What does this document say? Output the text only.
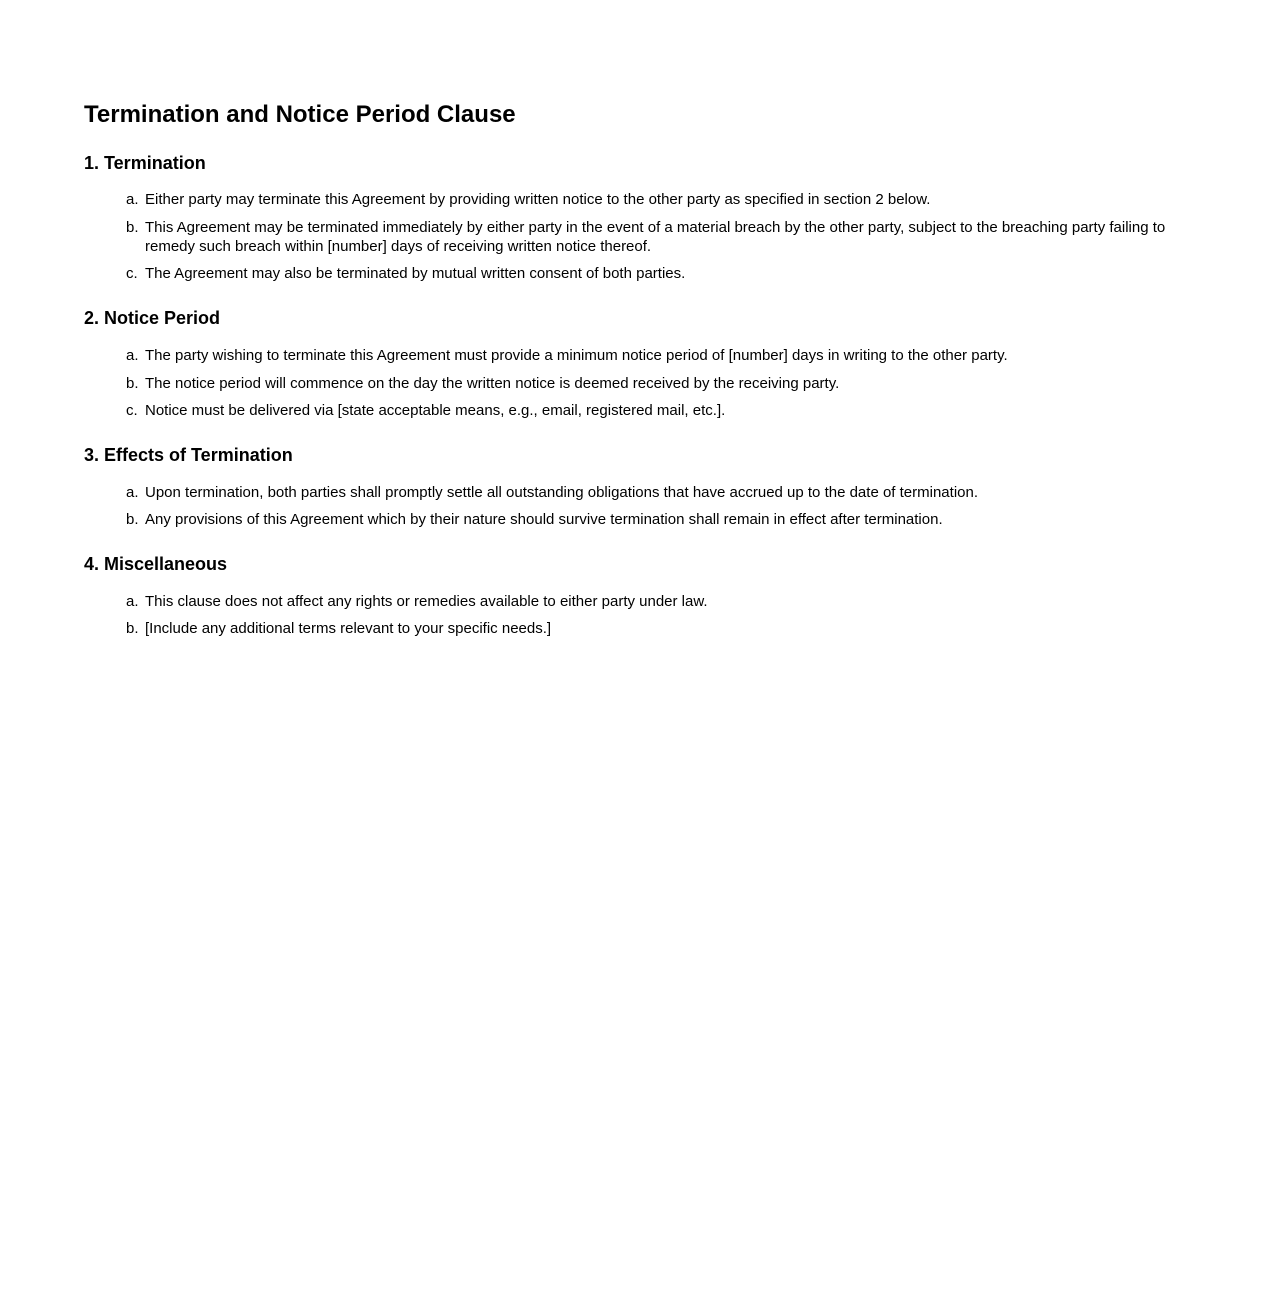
Termination and Notice Period Clause
1. Termination
a. Either party may terminate this Agreement by providing written notice to the other party as specified in section 2 below.
b. This Agreement may be terminated immediately by either party in the event of a material breach by the other party, subject to the breaching party failing to remedy such breach within [number] days of receiving written notice thereof.
c. The Agreement may also be terminated by mutual written consent of both parties.
2. Notice Period
a. The party wishing to terminate this Agreement must provide a minimum notice period of [number] days in writing to the other party.
b. The notice period will commence on the day the written notice is deemed received by the receiving party.
c. Notice must be delivered via [state acceptable means, e.g., email, registered mail, etc.].
3. Effects of Termination
a. Upon termination, both parties shall promptly settle all outstanding obligations that have accrued up to the date of termination.
b. Any provisions of this Agreement which by their nature should survive termination shall remain in effect after termination.
4. Miscellaneous
a. This clause does not affect any rights or remedies available to either party under law.
b. [Include any additional terms relevant to your specific needs.]
